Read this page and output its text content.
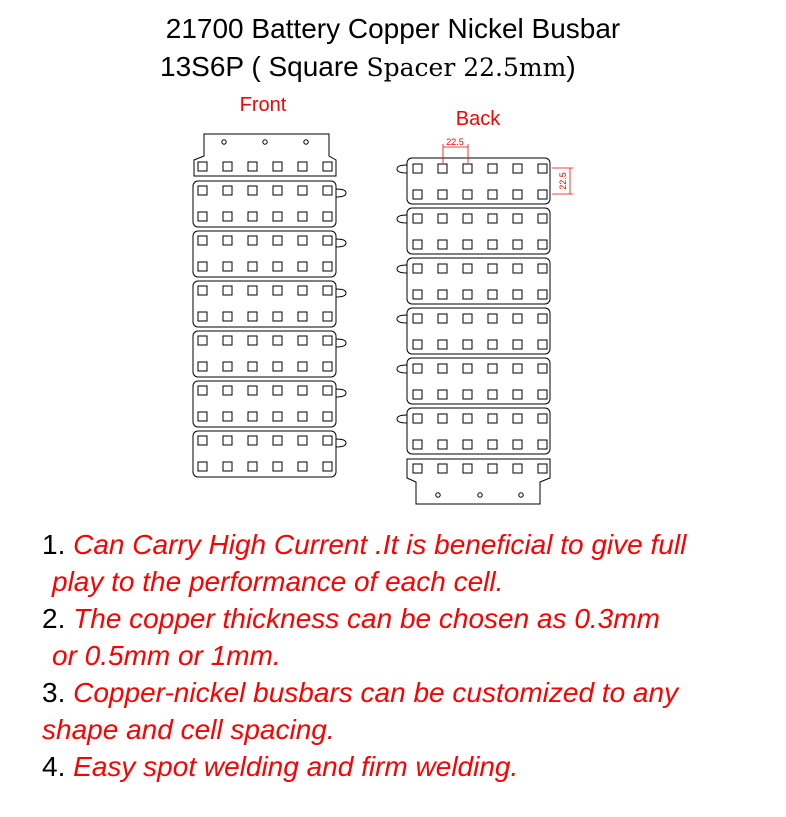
21700 Battery Copper Nickel Busbar
13S6P ( Square Spacer 22.5mm)
Front
Back
22.5
22.5
1. Can Carry High Current .It is beneficial to give full
play to the performance of each cell.
2. The copper thickness can be chosen as 0.3mm
or 0.5mm or 1mm.
3. Copper-nickel busbars can be customized to any
shape and cell spacing.
4. Easy spot welding and firm welding.
